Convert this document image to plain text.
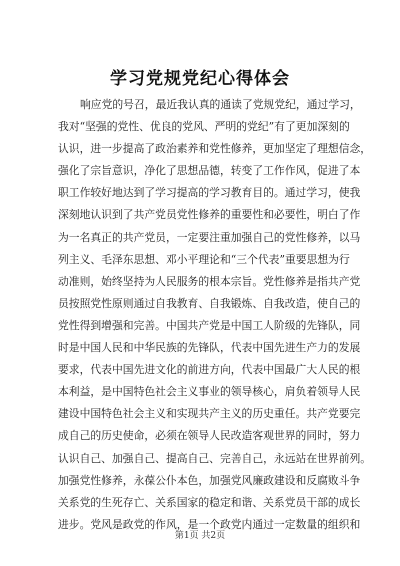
学习党规党纪心得体会
响应党的号召，最近我认真的通读了党规党纪，通过学习，
我对“坚强的党性、优良的党风、严明的党纪”有了更加深刻的
认识，进一步提高了政治素养和党性修养，更加坚定了理想信念，
强化了宗旨意识，净化了思想品德，转变了工作作风，促进了本
职工作较好地达到了学习提高的学习教育目的。通过学习，使我
深刻地认识到了共产党员党性修养的重要性和必要性，明白了作
为一名真正的共产党员，一定要注重加强自己的党性修养，以马
列主义、毛泽东思想、邓小平理论和“三个代表”重要思想为行
动准则，始终坚持为人民服务的根本宗旨。党性修养是指共产党
员按照党性原则通过自我教育、自我锻炼、自我改造，使自己的
党性得到增强和完善。中国共产党是中国工人阶级的先锋队，同
时是中国人民和中华民族的先锋队，代表中国先进生产力的发展
要求，代表中国先进文化的前进方向，代表中国最广大人民的根
本利益，是中国特色社会主义事业的领导核心，肩负着领导人民
建设中国特色社会主义和实现共产主义的历史重任。共产党要完
成自己的历史使命，必须在领导人民改造客观世界的同时，努力
认识自己、加强自己、提高自己、完善自己，永远站在世界前列。
加强党性修养，永葆公仆本色，加强党风廉政建设和反腐败斗争
关系党的生死存亡、关系国家的稳定和谐、关系党员干部的成长
进步。党风是政党的作风，是一个政党内通过一定数量的组织和
第1页 共2页
